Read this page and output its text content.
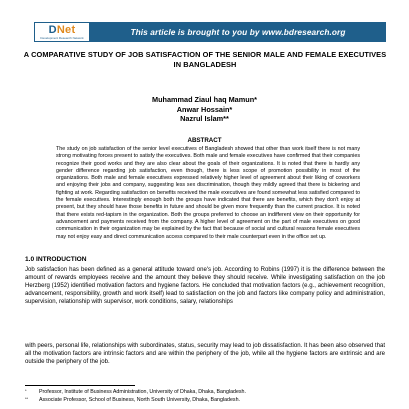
DNet
Development Research Network
This article is brought to you by www.bdresearch.org
A COMPARATIVE STUDY OF JOB SATISFACTION OF THE SENIOR MALE AND FEMALE EXECUTIVES IN BANGLADESH
Muhammad Ziaul haq Mamun*
Anwar Hossain*
Nazrul Islam**
ABSTRACT
The study on job satisfaction of the senior level executives of Bangladesh showed that other than work itself there is not many strong motivating forces present to satisfy the executives. Both male and female executives have confirmed that their companies recognize their good works and they are also clear about the goals of their organizations. It is noted that there is hardly any gender difference regarding job satisfaction, even though, there is less scope of promotion possibility in most of the organizations. Both male and female executives expressed relatively higher level of agreement about their liking of coworkers and enjoying their jobs and company, suggesting less sex discrimination, though they mildly agreed that there is bickering and fighting at work. Regarding satisfaction on benefits received the male executives are found somewhat less satisfied compared to the female executives. Interestingly enough both the groups have indicated that there are benefits, which they don't enjoy at present, but they should have those benefits in future and should be given more frequently than the current practice. It is noted that there exists red-tapism in the organization. Both the groups preferred to choose an indifferent view on their opportunity for advancement and payments received from the company. A higher level of agreement on the part of male executives on good communication in their organization may be explained by the fact that because of social and cultural reasons female executives may not enjoy easy and direct communication access compared to their male counterpart even in the office set up.
1.0 INTRODUCTION
Job satisfaction has been defined as a general attitude toward one's job. According to Robins (1997) it is the difference between the amount of rewards employees receive and the amount they believe they should receive. While investigating satisfaction on the job Herzberg (1952) identified motivation factors and hygiene factors. He concluded that motivation factors (e.g., achievement recognition, advancement, responsibility, growth and work itself) lead to satisfaction on the job and factors like company policy and administration, supervision, relationship with supervisor, work conditions, salary, relationships
with peers, personal life, relationships with subordinates, status, security may lead to job dissatisfaction. It has been also observed that all the motivation factors are intrinsic factors and are within the periphery of the job, while all the hygiene factors are extrinsic and are outside the periphery of the job.
*	Professor, Institute of Business Administration, University of Dhaka, Dhaka, Bangladesh.
**	Associate Professor, School of Business, North South University, Dhaka, Bangladesh.
